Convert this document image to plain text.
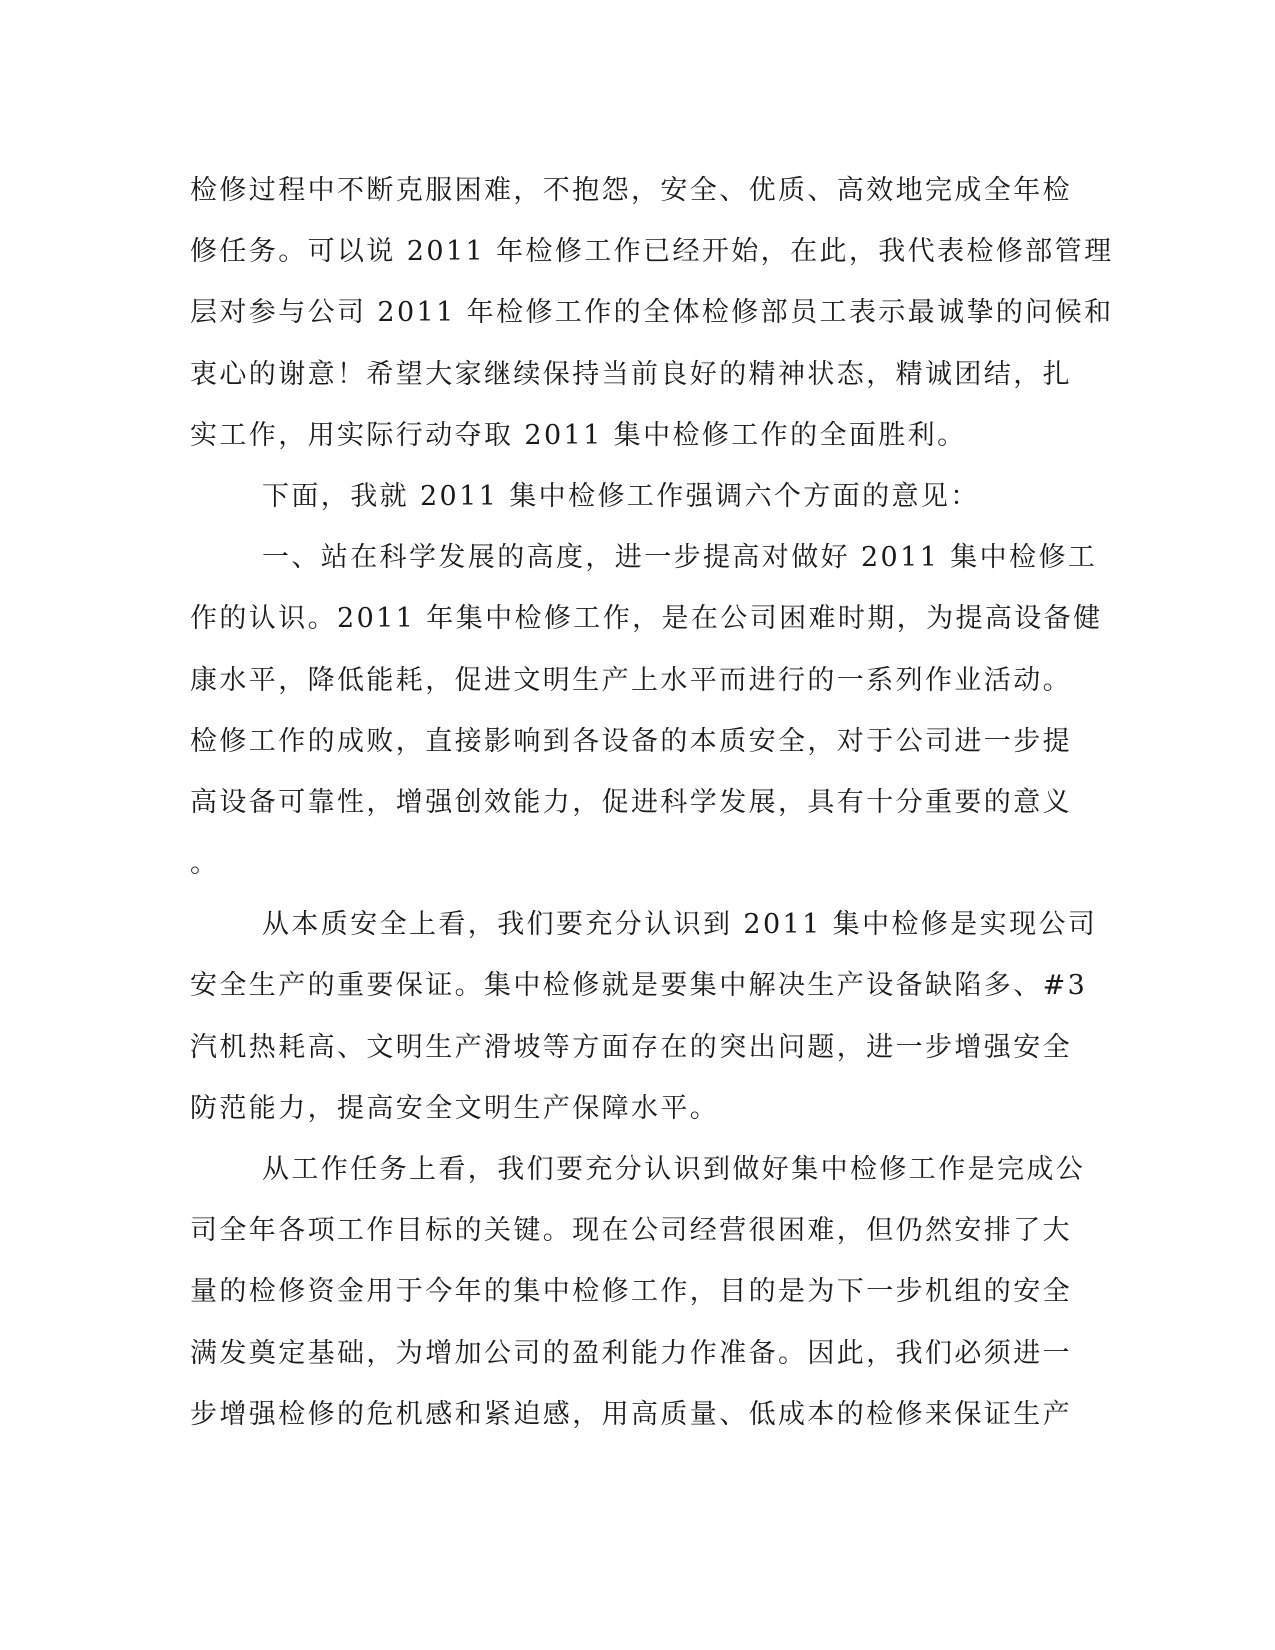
检修过程中不断克服困难，不抱怨，安全、优质、高效地完成全年检
修任务。可以说 2011 年检修工作已经开始，在此，我代表检修部管理
层对参与公司 2011 年检修工作的全体检修部员工表示最诚挚的问候和
衷心的谢意！希望大家继续保持当前良好的精神状态，精诚团结，扎
实工作，用实际行动夺取 2011 集中检修工作的全面胜利。
下面，我就 2011 集中检修工作强调六个方面的意见：
一、站在科学发展的高度，进一步提高对做好 2011 集中检修工
作的认识。2011 年集中检修工作，是在公司困难时期，为提高设备健
康水平，降低能耗，促进文明生产上水平而进行的一系列作业活动。
检修工作的成败，直接影响到各设备的本质安全，对于公司进一步提
高设备可靠性，增强创效能力，促进科学发展，具有十分重要的意义
。
从本质安全上看，我们要充分认识到 2011 集中检修是实现公司
安全生产的重要保证。集中检修就是要集中解决生产设备缺陷多、#3
汽机热耗高、文明生产滑坡等方面存在的突出问题，进一步增强安全
防范能力，提高安全文明生产保障水平。
从工作任务上看，我们要充分认识到做好集中检修工作是完成公
司全年各项工作目标的关键。现在公司经营很困难，但仍然安排了大
量的检修资金用于今年的集中检修工作，目的是为下一步机组的安全
满发奠定基础，为增加公司的盈利能力作准备。因此，我们必须进一
步增强检修的危机感和紧迫感，用高质量、低成本的检修来保证生产
